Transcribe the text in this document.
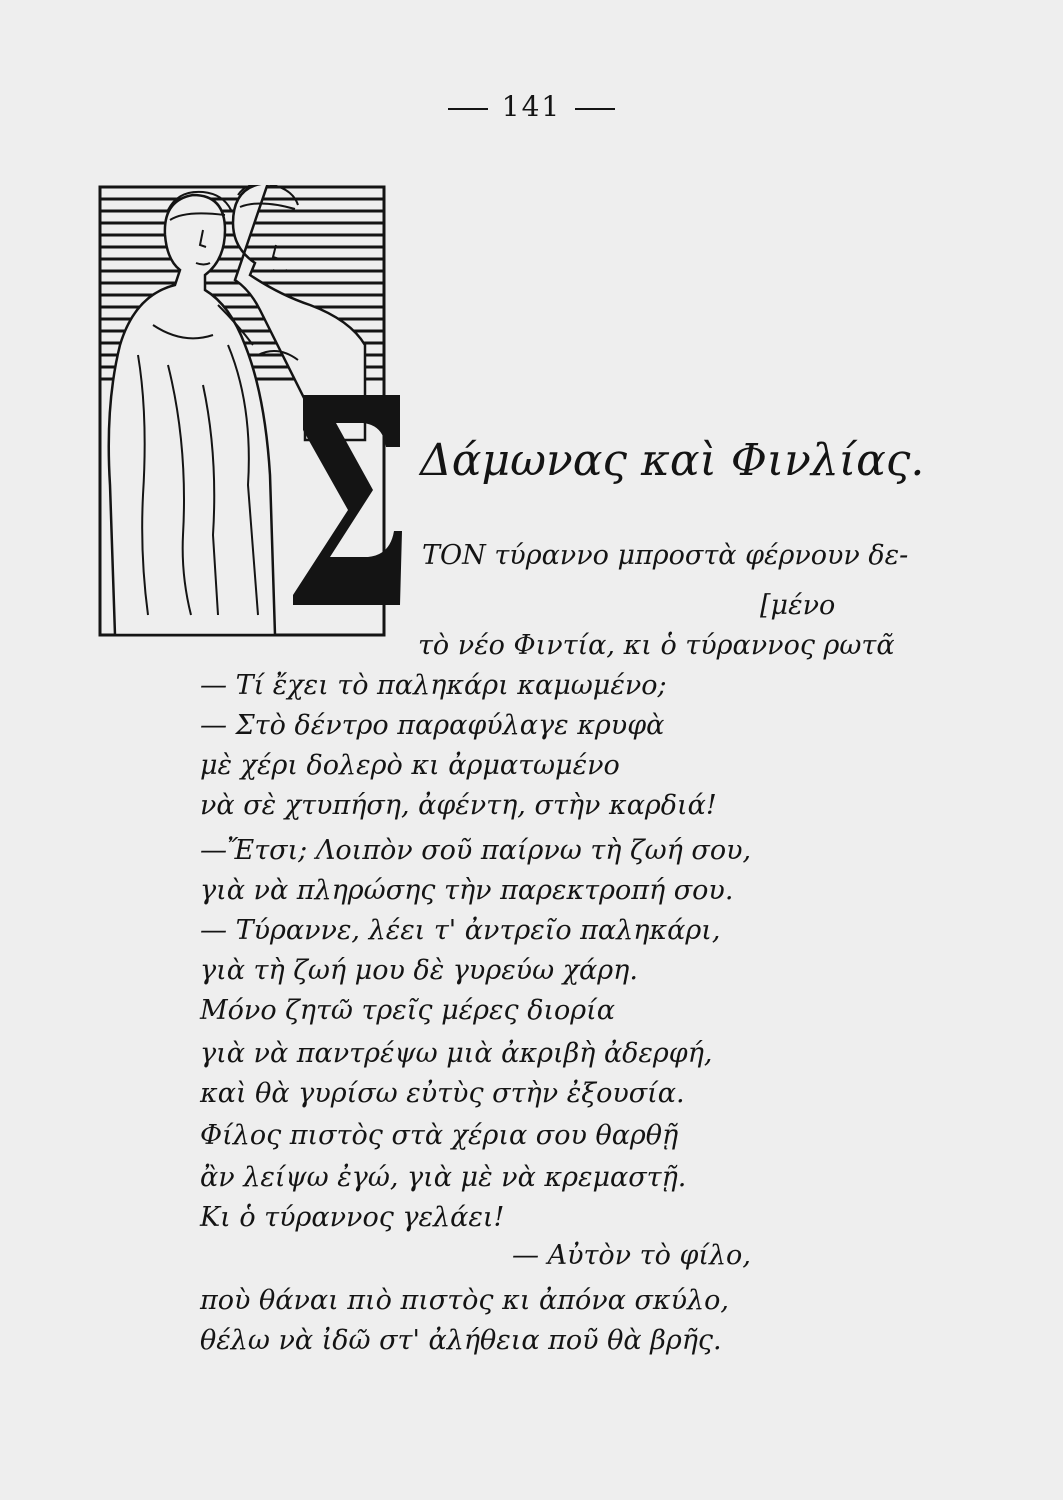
141
Σ
Δάμωνας καὶ Φινλίας.
ΤΟΝ τύραννο μπροστὰ φέρνουν δε-
[μένο
τὸ νέο Φιντία, κι ὁ τύραννος ρωτᾶ
— Τί ἔχει τὸ παληκάρι καμωμένο;
— Στὸ δέντρο παραφύλαγε κρυφὰ
μὲ χέρι δολερὸ κι ἀρματωμένο
νὰ σὲ χτυπήση, ἀφέντη, στὴν καρδιά!
—Ἔτσι; Λοιπὸν σοῦ παίρνω τὴ ζωή σου,
γιὰ νὰ πληρώσης τὴν παρεκτροπή σου.
— Τύραννε, λέει τ' ἀντρεῖο παληκάρι,
γιὰ τὴ ζωή μου δὲ γυρεύω χάρη.
Μόνο ζητῶ τρεῖς μέρες διορία
γιὰ νὰ παντρέψω μιὰ ἀκριβὴ ἀδερφή,
καὶ θὰ γυρίσω εὐτὺς στὴν ἐξουσία.
Φίλος πιστὸς στὰ χέρια σου θαρθῇ
ἂν λείψω ἐγώ, γιὰ μὲ νὰ κρεμαστῇ.
Κι ὁ τύραννος γελάει!
— Αὐτὸν τὸ φίλο,
ποὺ θάναι πιὸ πιστὸς κι ἀπόνα σκύλο,
θέλω νὰ ἰδῶ στ' ἀλήθεια ποῦ θὰ βρῆς.
